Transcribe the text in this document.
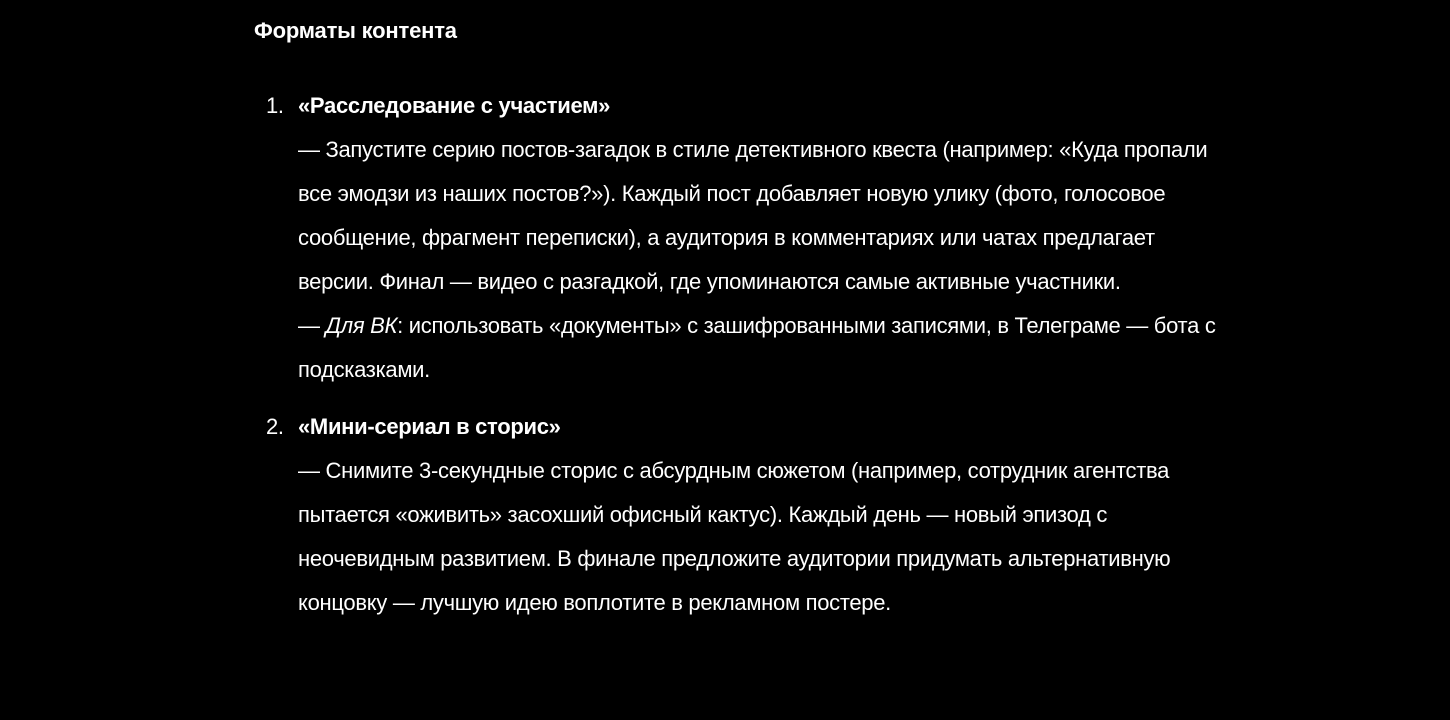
Форматы контента
1. «Расследование с участием»
— Запустите серию постов-загадок в стиле детективного квеста (например: «Куда пропали все эмодзи из наших постов?»). Каждый пост добавляет новую улику (фото, голосовое сообщение, фрагмент переписки), а аудитория в комментариях или чатах предлагает версии. Финал — видео с разгадкой, где упоминаются самые активные участники.
— Для ВК: использовать «документы» с зашифрованными записями, в Телеграме — бота с подсказками.
2. «Мини-сериал в сторис»
— Снимите 3-секундные сторис с абсурдным сюжетом (например, сотрудник агентства пытается «оживить» засохший офисный кактус). Каждый день — новый эпизод с неочевидным развитием. В финале предложите аудитории придумать альтернативную концовку — лучшую идею воплотите в рекламном постере.
